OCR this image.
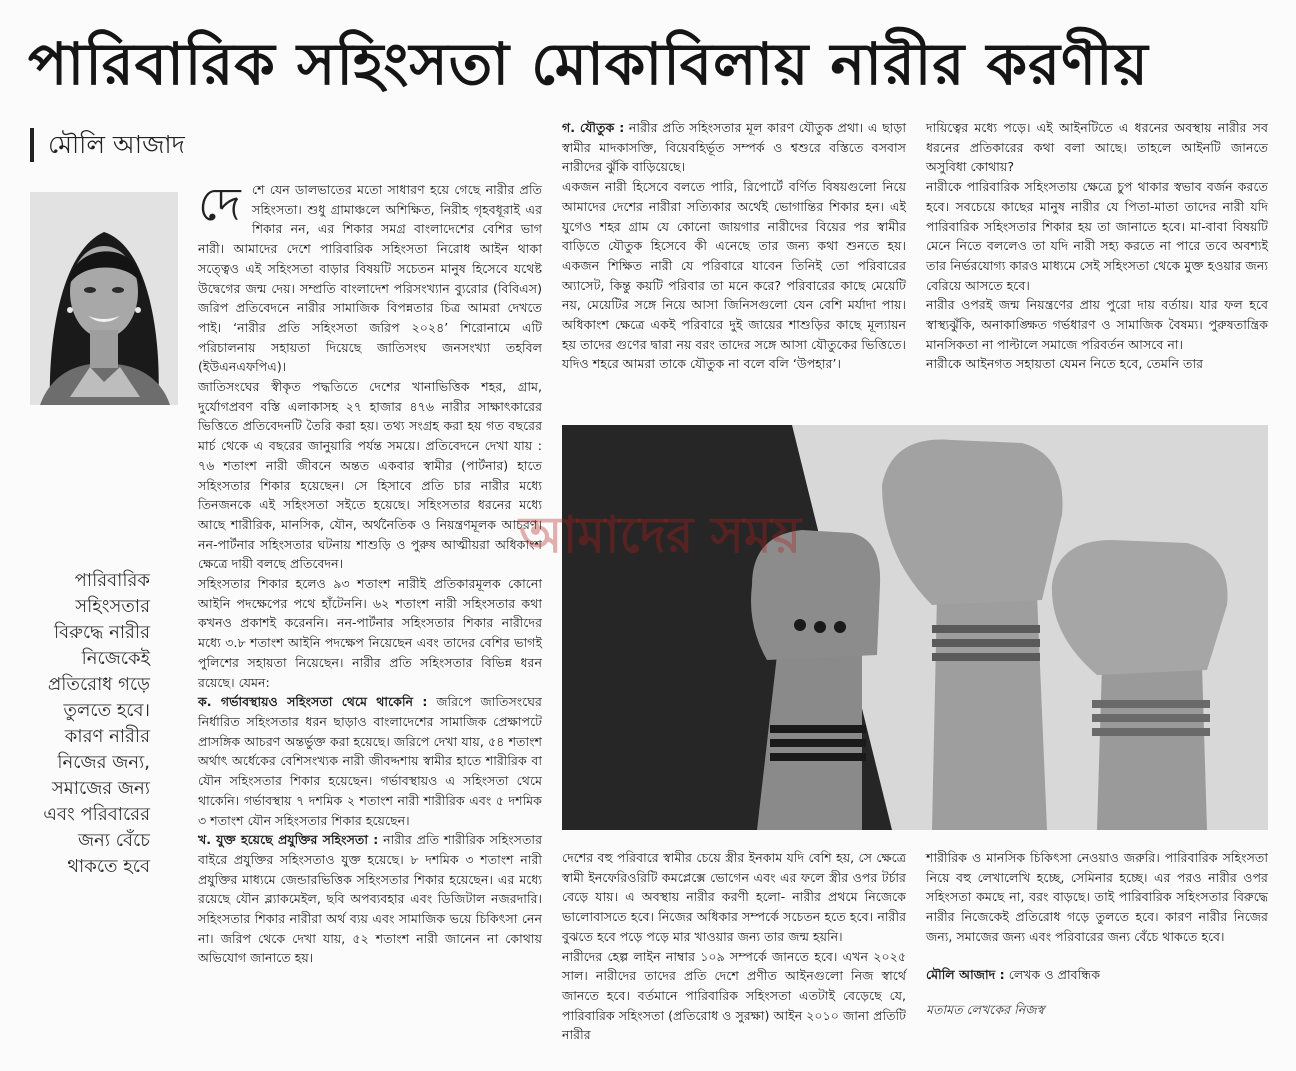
পারিবারিক সহিংসতা মোকাবিলায় নারীর করণীয়
মৌলি আজাদ
পারিবারিক সহিংসতার বিরুদ্ধে নারীর নিজেকেই প্রতিরোধ গড়ে তুলতে হবে। কারণ নারীর নিজের জন্য, সমাজের জন্য এবং পরিবারের জন্য বেঁচে থাকতে হবে
দে শে যেন ডালভাতের মতো সাধারণ হয়ে গেছে নারীর প্রতি সহিংসতা। শুধু গ্রামাঞ্চলে অশিক্ষিত, নিরীহ গৃহবধূরাই এর শিকার নন, এর শিকার সমগ্র বাংলাদেশের বেশির ভাগ নারী। আমাদের দেশে পারিবারিক সহিংসতা নিরোধ আইন থাকা সত্ত্বেও এই সহিংসতা বাড়ার বিষয়টি সচেতন মানুষ হিসেবে যথেষ্ট উদ্বেগের জন্ম দেয়। সম্প্রতি বাংলাদেশ পরিসংখ্যান ব্যুরোর (বিবিএস) জরিপ প্রতিবেদনে নারীর সামাজিক বিপন্নতার চিত্র আমরা দেখতে পাই। ‘নারীর প্রতি সহিংসতা জরিপ ২০২৪’ শিরোনামে এটি পরিচালনায় সহায়তা দিয়েছে জাতিসংঘ জনসংখ্যা তহবিল (ইউএনএফপিএ)।

জাতিসংঘের স্বীকৃত পদ্ধতিতে দেশের খানাভিত্তিক শহর, গ্রাম, দুর্যোগপ্রবণ বস্তি এলাকাসহ ২৭ হাজার ৪৭৬ নারীর সাক্ষাৎকারের ভিত্তিতে প্রতিবেদনটি তৈরি করা হয়। তথ্য সংগ্রহ করা হয় গত বছরের মার্চ থেকে এ বছরের জানুয়ারি পর্যন্ত সময়ে। প্রতিবেদনে দেখা যায় : ৭৬ শতাংশ নারী জীবনে অন্তত একবার স্বামীর (পার্টনার) হাতে সহিংসতার শিকার হয়েছেন। সে হিসাবে প্রতি চার নারীর মধ্যে তিনজনকে এই সহিংসতা সইতে হয়েছে। সহিংসতার ধরনের মধ্যে আছে শারীরিক, মানসিক, যৌন, অর্থনৈতিক ও নিয়ন্ত্রণমূলক আচরণ। নন-পার্টনার সহিংসতার ঘটনায় শাশুড়ি ও পুরুষ আত্মীয়রা অধিকাংশ ক্ষেত্রে দায়ী বলছে প্রতিবেদন।

সহিংসতার শিকার হলেও ৯৩ শতাংশ নারীই প্রতিকারমূলক কোনো আইনি পদক্ষেপের পথে হাঁটেননি। ৬২ শতাংশ নারী সহিংসতার কথা কখনও প্রকাশই করেননি। নন-পার্টনার সহিংসতার শিকার নারীদের মধ্যে ৩.৮ শতাংশ আইনি পদক্ষেপ নিয়েছেন এবং তাদের বেশির ভাগই পুলিশের সহায়তা নিয়েছেন। নারীর প্রতি সহিংসতার বিভিন্ন ধরন রয়েছে। যেমন:

ক. গর্ভাবস্থায়ও সহিংসতা থেমে থাকেনি : জরিপে জাতিসংঘের নির্ধারিত সহিংসতার ধরন ছাড়াও বাংলাদেশের সামাজিক প্রেক্ষাপটে প্রাসঙ্গিক আচরণ অন্তর্ভুক্ত করা হয়েছে। জরিপে দেখা যায়, ৫৪ শতাংশ অর্থাৎ অর্ধেকের বেশিসংখ্যক নারী জীবদ্দশায় স্বামীর হাতে শারীরিক বা যৌন সহিংসতার শিকার হয়েছেন। গর্ভাবস্থায়ও এ সহিংসতা থেমে থাকেনি। গর্ভাবস্থায় ৭ দশমিক ২ শতাংশ নারী শারীরিক এবং ৫ দশমিক ৩ শতাংশ যৌন সহিংসতার শিকার হয়েছেন।

খ. যুক্ত হয়েছে প্রযুক্তির সহিংসতা : নারীর প্রতি শারীরিক সহিংসতার বাইরে প্রযুক্তির সহিংসতাও যুক্ত হয়েছে। ৮ দশমিক ৩ শতাংশ নারী প্রযুক্তির মাধ্যমে জেন্ডারভিত্তিক সহিংসতার শিকার হয়েছেন। এর মধ্যে রয়েছে যৌন ব্ল্যাকমেইল, ছবি অপব্যবহার এবং ডিজিটাল নজরদারি। সহিংসতার শিকার নারীরা অর্থ ব্যয় এবং সামাজিক ভয়ে চিকিৎসা নেন না। জরিপ থেকে দেখা যায়, ৫২ শতাংশ নারী জানেন না কোথায় অভিযোগ জানাতে হয়।

গ. যৌতুক : নারীর প্রতি সহিংসতার মূল কারণ যৌতুক প্রথা। এ ছাড়া স্বামীর মাদকাসক্তি, বিয়েবহির্ভূত সম্পর্ক ও শ্বশুরে বস্তিতে বসবাস নারীদের ঝুঁকি বাড়িয়েছে।

একজন নারী হিসেবে বলতে পারি, রিপোর্টে বর্ণিত বিষয়গুলো নিয়ে আমাদের দেশের নারীরা সত্যিকার অর্থেই ভোগান্তির শিকার হন। এই যুগেও শহর গ্রাম যে কোনো জায়গার নারীদের বিয়ের পর স্বামীর বাড়িতে যৌতুক হিসেবে কী এনেছে তার জন্য কথা শুনতে হয়। একজন শিক্ষিত নারী যে পরিবারে যাবেন তিনিই তো পরিবারের অ্যাসেট, কিন্তু কয়টি পরিবার তা মনে করে? পরিবারের কাছে মেয়েটি নয়, মেয়েটির সঙ্গে নিয়ে আসা জিনিসগুলো যেন বেশি মর্যাদা পায়। অধিকাংশ ক্ষেত্রে একই পরিবারে দুই জায়ের শাশুড়ির কাছে মূল্যায়ন হয় তাদের গুণের দ্বারা নয় বরং তাদের সঙ্গে আসা যৌতুকের ভিত্তিতে। যদিও শহরে আমরা তাকে যৌতুক না বলে বলি ‘উপহার’।

দায়িত্বের মধ্যে পড়ে। এই আইনটিতে এ ধরনের অবস্থায় নারীর সব ধরনের প্রতিকারের কথা বলা আছে। তাহলে আইনটি জানতে অসুবিধা কোথায়?

নারীকে পারিবারিক সহিংসতায় ক্ষেত্রে চুপ থাকার স্বভাব বর্জন করতে হবে। সবচেয়ে কাছের মানুষ নারীর যে পিতা-মাতা তাদের নারী যদি পারিবারিক সহিংসতার শিকার হয় তা জানাতে হবে। মা-বাবা বিষয়টি মেনে নিতে বললেও তা যদি নারী সহ্য করতে না পারে তবে অবশ্যই তার নির্ভরযোগ্য কারও মাধ্যমে সেই সহিংসতা থেকে মুক্ত হওয়ার জন্য বেরিয়ে আসতে হবে।

নারীর ওপরই জন্ম নিয়ন্ত্রণের প্রায় পুরো দায় বর্তায়। যার ফল হবে স্বাস্থ্যঝুঁকি, অনাকাঙ্ক্ষিত গর্ভধারণ ও সামাজিক বৈষম্য। পুরুষতান্ত্রিক মানসিকতা না পাল্টালে সমাজে পরিবর্তন আসবে না।

নারীকে আইনগত সহায়তা যেমন নিতে হবে, তেমনি তার

দেশের বহু পরিবারে স্বামীর চেয়ে স্ত্রীর ইনকাম যদি বেশি হয়, সে ক্ষেত্রে স্বামী ইনফেরিওরিটি কমপ্লেক্সে ভোগেন এবং এর ফলে স্ত্রীর ওপর টর্চার বেড়ে যায়। এ অবস্থায় নারীর করণী হলো- নারীর প্রথমে নিজেকে ভালোবাসতে হবে। নিজের অধিকার সম্পর্কে সচেতন হতে হবে। নারীর বুঝতে হবে পড়ে পড়ে মার খাওয়ার জন্য তার জন্ম হয়নি।

নারীদের হেল্প লাইন নাম্বার ১০৯ সম্পর্কে জানতে হবে। এখন ২০২৫ সাল। নারীদের তাদের প্রতি দেশে প্রণীত আইনগুলো নিজ স্বার্থে জানতে হবে। বর্তমানে পারিবারিক সহিংসতা এতটাই বেড়েছে যে, পারিবারিক সহিংসতা (প্রতিরোধ ও সুরক্ষা) আইন ২০১০ জানা প্রতিটি নারীর

শারীরিক ও মানসিক চিকিৎসা নেওয়াও জরুরি। পারিবারিক সহিংসতা নিয়ে বহু লেখালেখি হচ্ছে, সেমিনার হচ্ছে। এর পরও নারীর ওপর সহিংসতা কমছে না, বরং বাড়ছে। তাই পারিবারিক সহিংসতার বিরুদ্ধে নারীর নিজেকেই প্রতিরোধ গড়ে তুলতে হবে। কারণ নারীর নিজের জন্য, সমাজের জন্য এবং পরিবারের জন্য বেঁচে থাকতে হবে।

মৌলি আজাদ : লেখক ও প্রাবন্ধিক

মতামত লেখকের নিজস্ব

আমাদের সময়
